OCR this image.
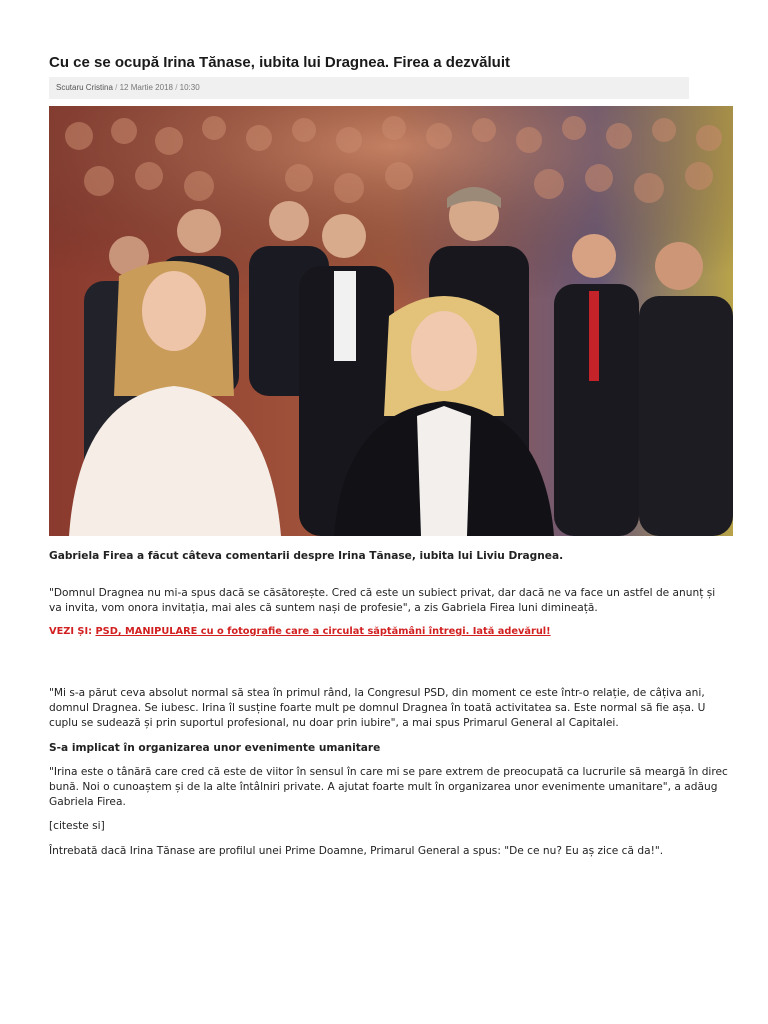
Cu ce se ocupă Irina Tănase, iubita lui Dragnea. Firea a dezvăluit
Scutaru Cristina / 12 Martie 2018 / 10:30
Gabriela Firea a făcut câteva comentarii despre Irina Tănase, iubita lui Liviu Dragnea.
"Domnul Dragnea nu mi-a spus dacă se căsătorește. Cred că este un subiect privat, dar dacă ne va face un astfel de anunț și
va invita, vom onora invitația, mai ales că suntem nași de profesie", a zis Gabriela Firea luni dimineață.
VEZI ȘI: PSD, MANIPULARE cu o fotografie care a circulat săptămâni întregi. Iată adevărul!
"Mi s-a părut ceva absolut normal să stea în primul rând, la Congresul PSD, din moment ce este într-o relație, de câțiva ani,
domnul Dragnea. Se iubesc. Irina îl susține foarte mult pe domnul Dragnea în toată activitatea sa. Este normal să fie așa. U
cuplu se sudează și prin suportul profesional, nu doar prin iubire", a mai spus Primarul General al Capitalei.
S-a implicat în organizarea unor evenimente umanitare
"Irina este o tânără care cred că este de viitor în sensul în care mi se pare extrem de preocupată ca lucrurile să meargă în direc
bună. Noi o cunoaștem și de la alte întâlniri private. A ajutat foarte mult în organizarea unor evenimente umanitare", a adăug
Gabriela Firea.
[citeste si]
Întrebată dacă Irina Tănase are profilul unei Prime Doamne, Primarul General a spus: "De ce nu? Eu aș zice că da!".
